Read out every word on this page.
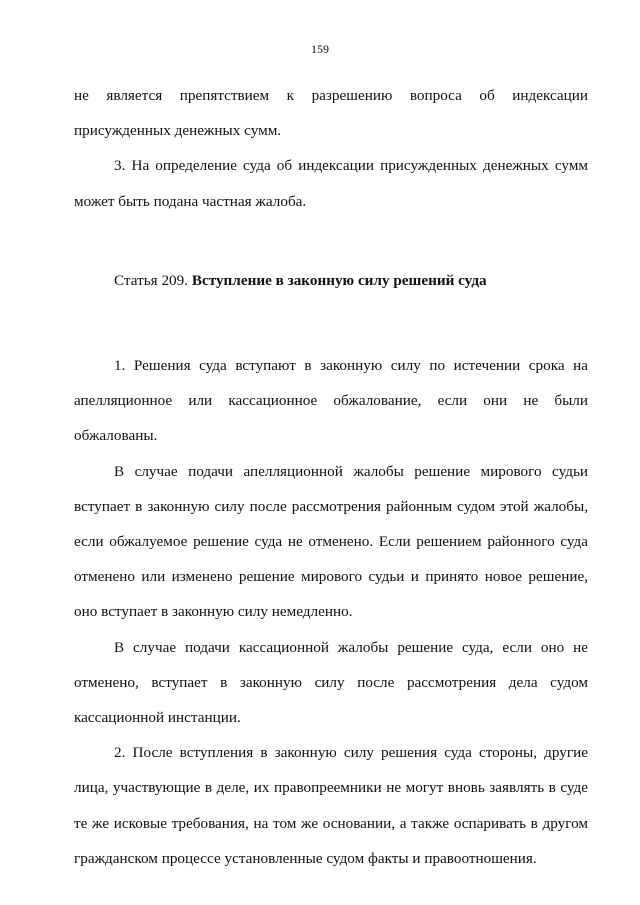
159

не является препятствием к разрешению вопроса об индексации

присужденных денежных сумм.

3. На определение суда об индексации присужденных денежных сумм может быть подана частная жалоба.

Статья 209. Вступление в законную силу решений суда

1. Решения суда вступают в законную силу по истечении срока на апелляционное или кассационное обжалование, если они не были обжалованы.

В случае подачи апелляционной жалобы решение мирового судьи вступает в законную силу после рассмотрения районным судом этой жалобы, если обжалуемое решение суда не отменено. Если решением районного суда отменено или изменено решение мирового судьи и принято новое решение, оно вступает в законную силу немедленно.

В случае подачи кассационной жалобы решение суда, если оно не отменено, вступает в законную силу после рассмотрения дела судом кассационной инстанции.

2. После вступления в законную силу решения суда стороны, другие лица, участвующие в деле, их правопреемники не могут вновь заявлять в суде те же исковые требования, на том же основании, а также оспаривать в другом гражданском процессе установленные судом факты и правоотношения.
